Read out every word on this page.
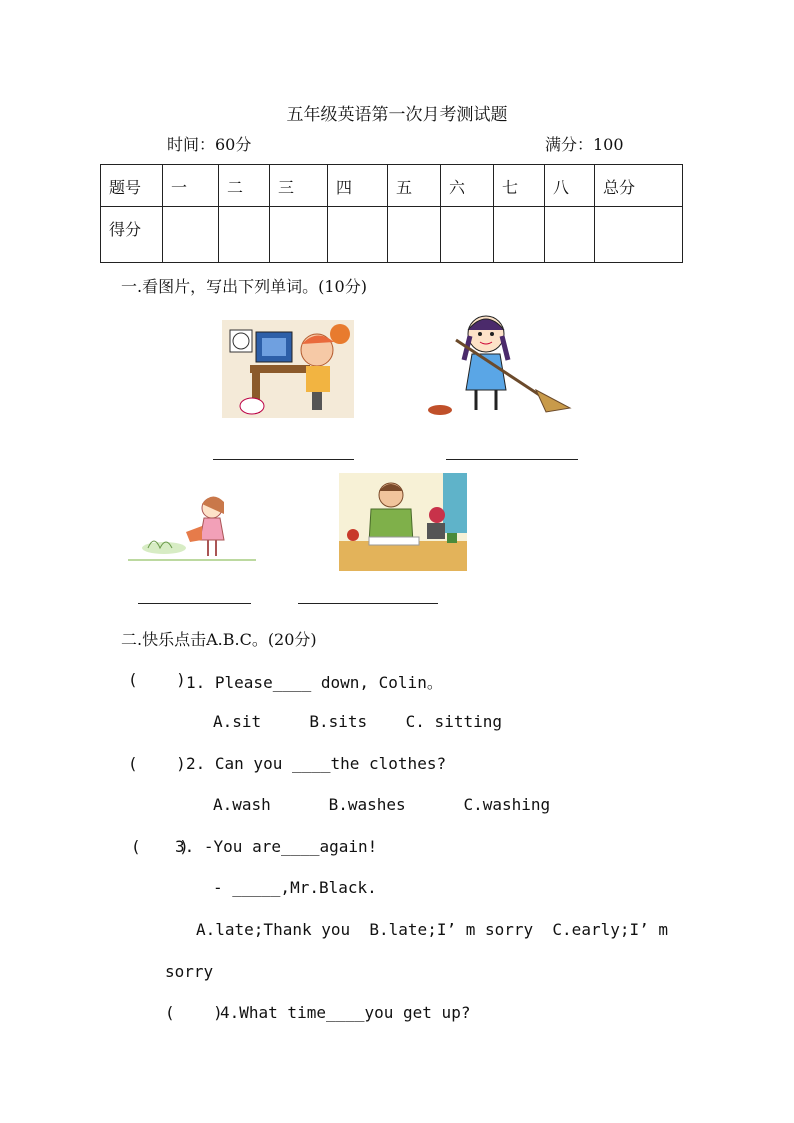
五年级英语第一次月考测试题
时间：60分	满分：100
题号	一	二	三	四	五	六	七	八	总分
得分									
一.看图片，写出下列单词。(10分)
二.快乐点击A.B.C。(20分)
(    ) 1. Please____ down, Colin。
A.sit     B.sits    C. sitting
(    ) 2. Can you ____the clothes?
A.wash      B.washes      C.washing
(    )
3. -You are____again!
- _____,Mr.Black.
A.late;Thank you  B.late;I’ m sorry  C.early;I’ m
sorry
(    )
4.What time____you get up?
